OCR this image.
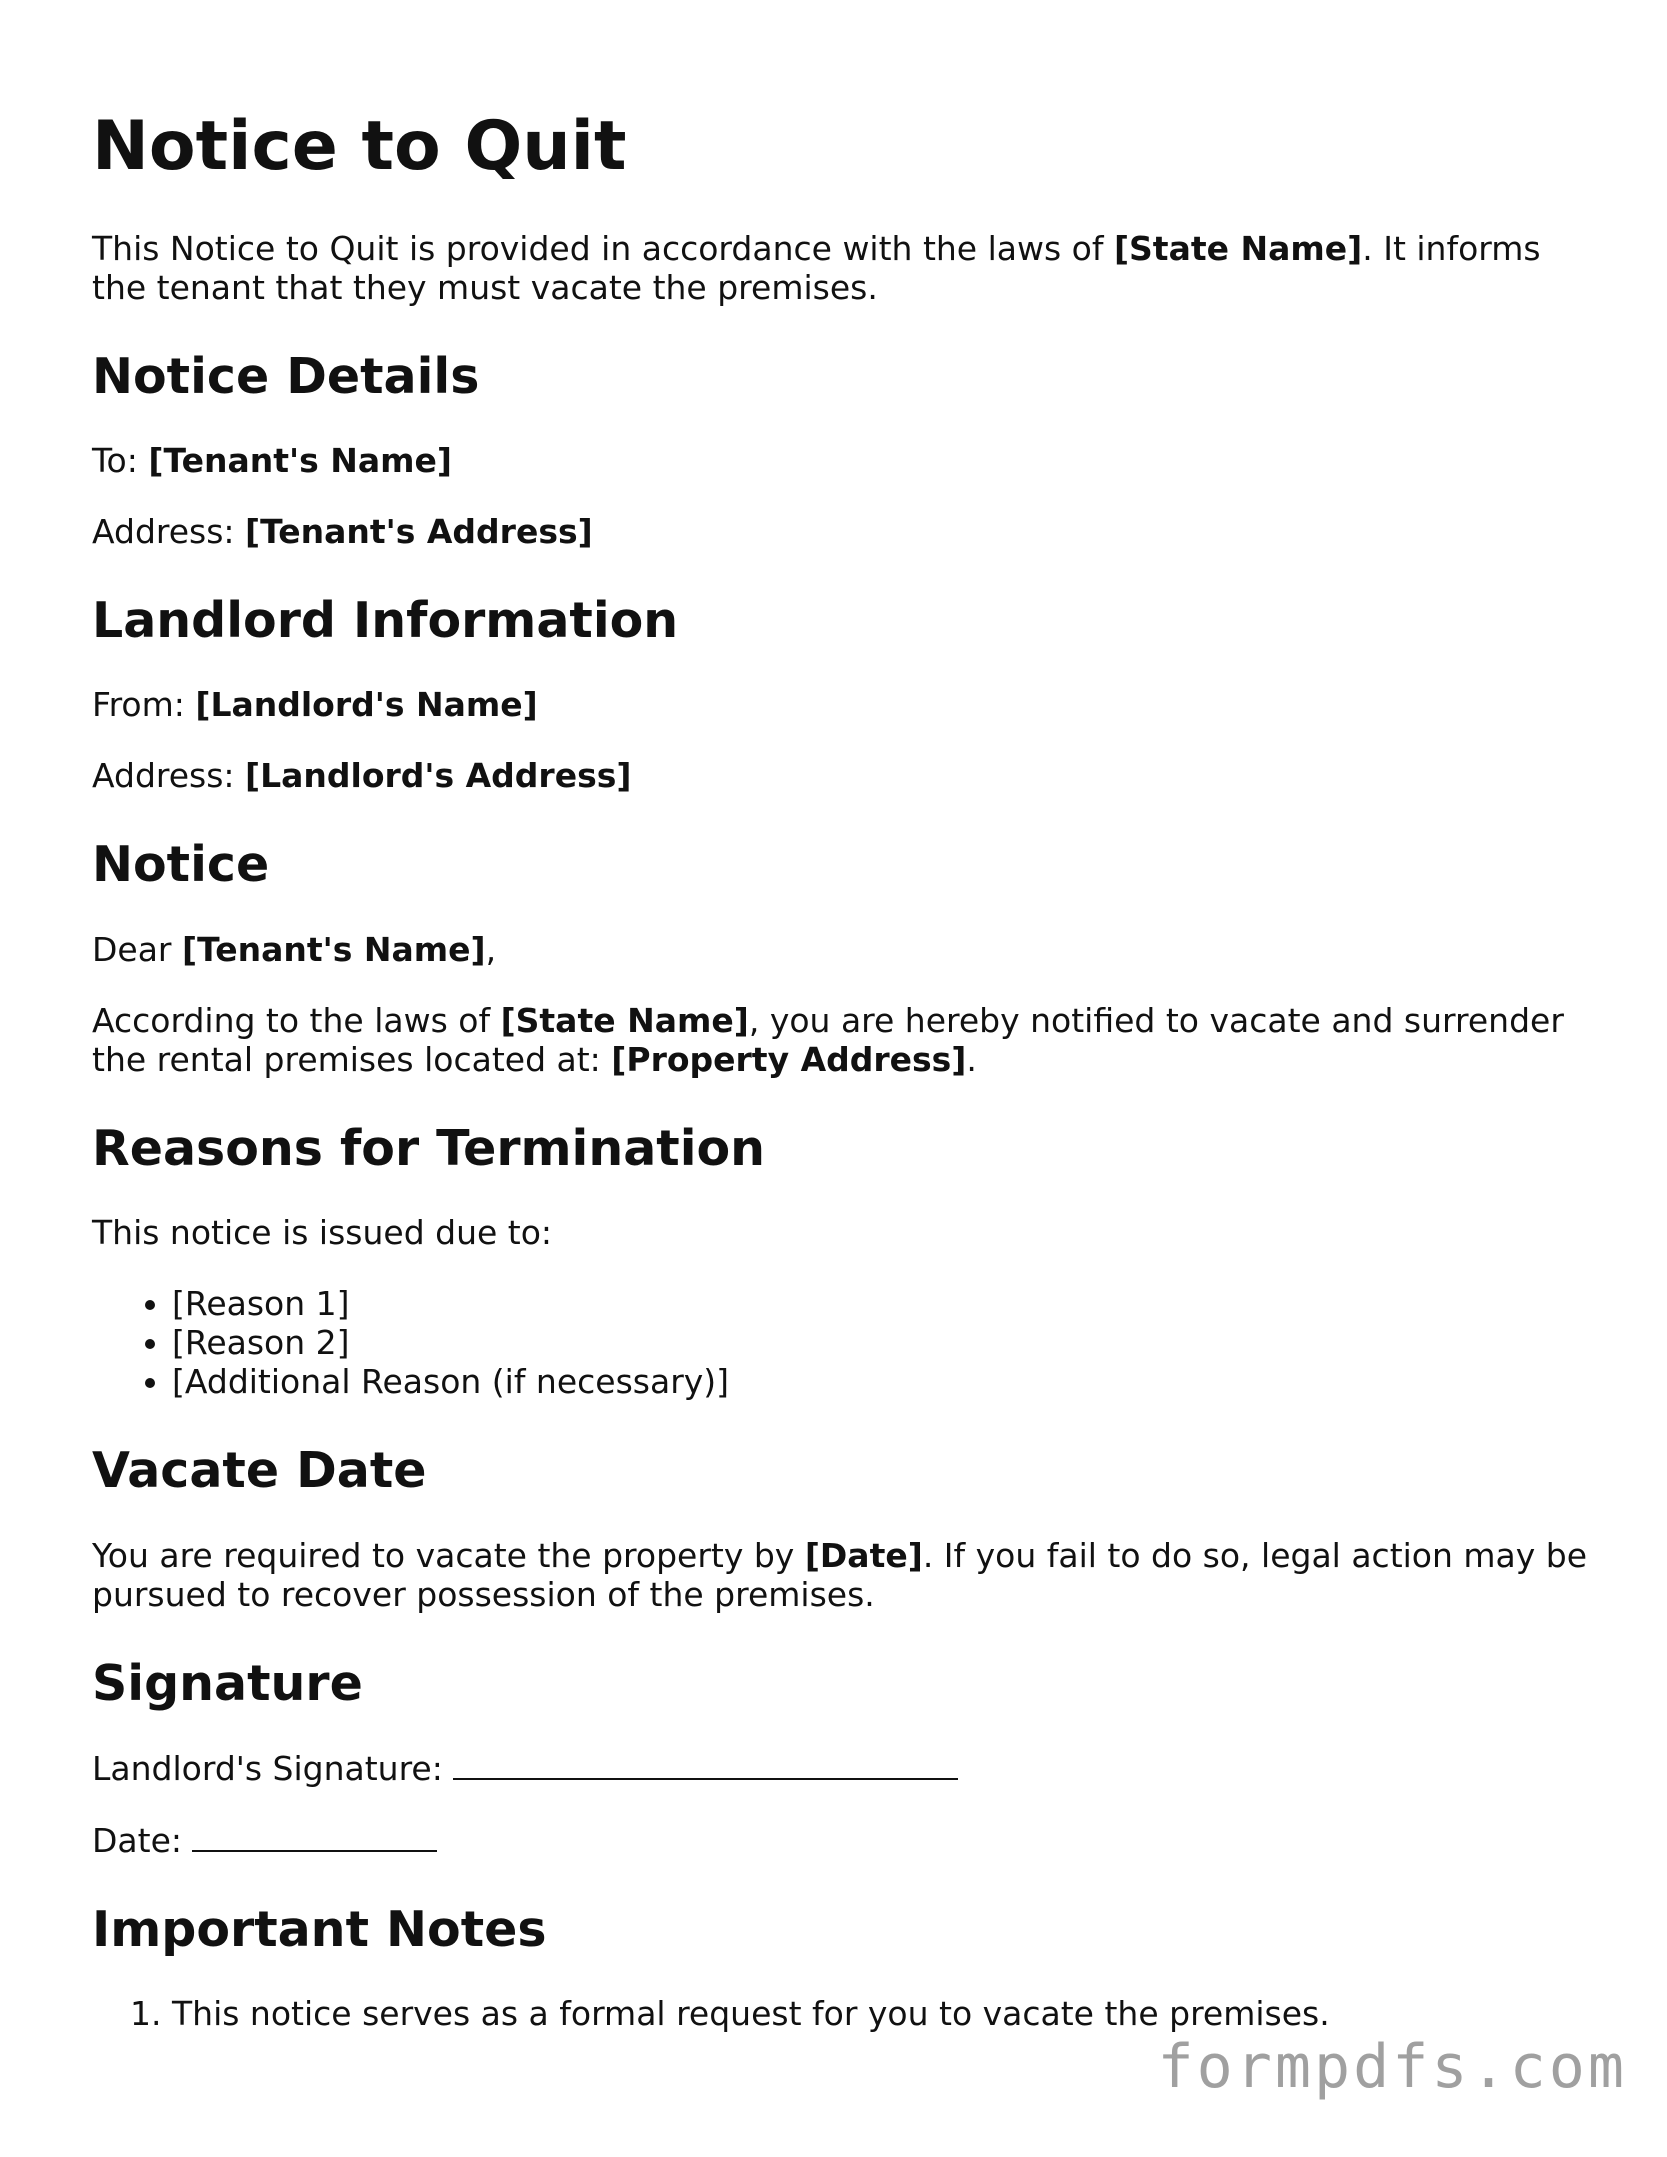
Notice to Quit

This Notice to Quit is provided in accordance with the laws of [State Name]. It informs the tenant that they must vacate the premises.

Notice Details

To: [Tenant's Name]

Address: [Tenant's Address]

Landlord Information

From: [Landlord's Name]

Address: [Landlord's Address]

Notice

Dear [Tenant's Name],

According to the laws of [State Name], you are hereby notified to vacate and surrender the rental premises located at: [Property Address].

Reasons for Termination

This notice is issued due to:

• [Reason 1]
• [Reason 2]
• [Additional Reason (if necessary)]
Vacate Date

You are required to vacate the property by [Date]. If you fail to do so, legal action may be pursued to recover possession of the premises.

Signature

Landlord's Signature:

Date:

Important Notes
1. This notice serves as a formal request for you to vacate the premises.
formpdfs.com
